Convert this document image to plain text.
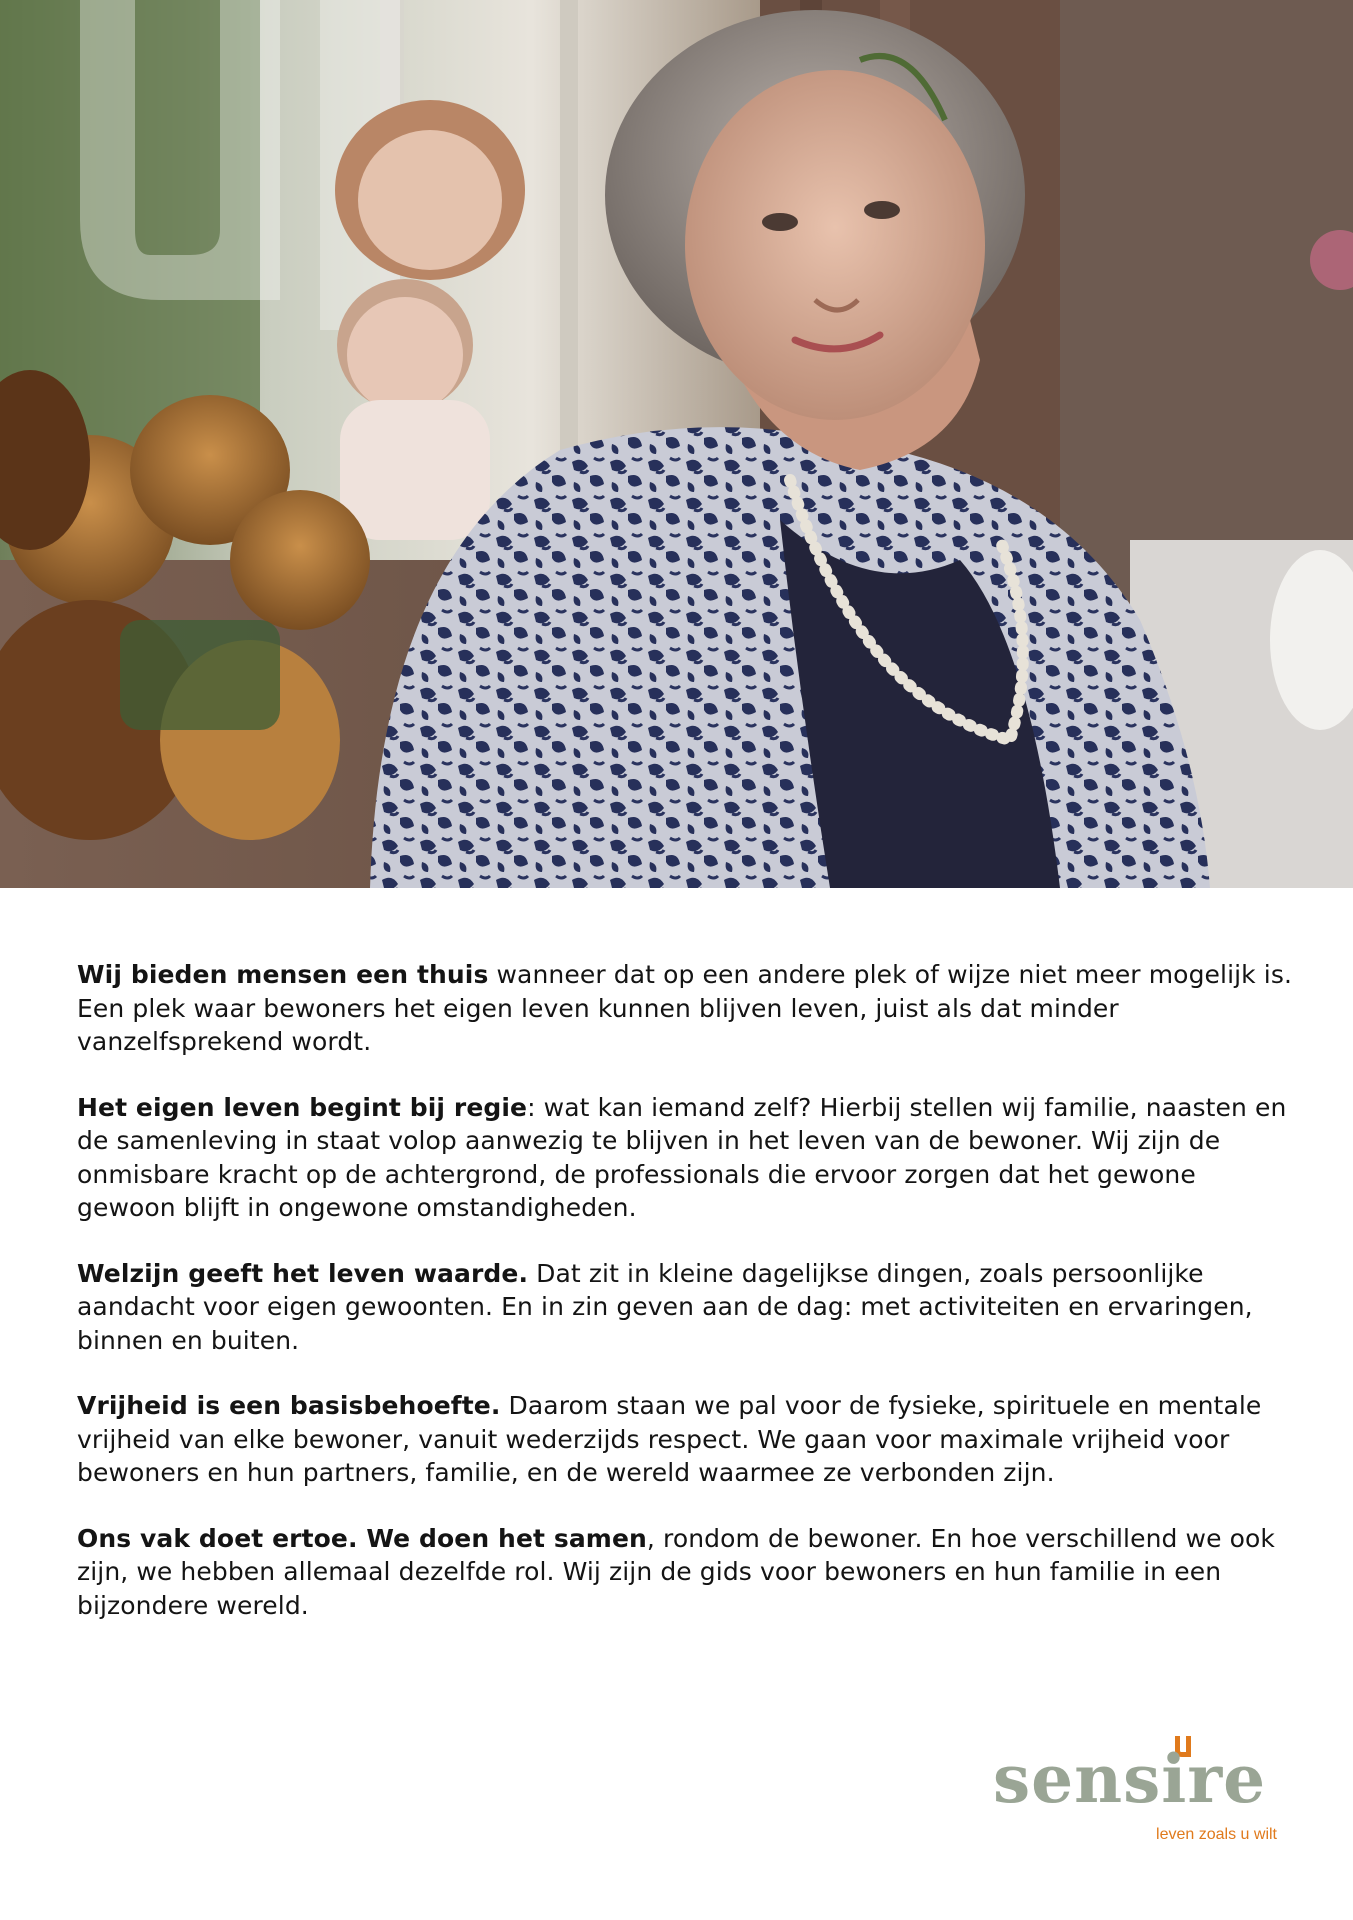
Wij bieden mensen een thuis wanneer dat op een andere plek of wijze niet meer mogelijk is. Een plek waar bewoners het eigen leven kunnen blijven leven, juist als dat minder vanzelfsprekend wordt.

Het eigen leven begint bij regie: wat kan iemand zelf? Hierbij stellen wij familie, naasten en de samenleving in staat volop aanwezig te blijven in het leven van de bewoner. Wij zijn de onmisbare kracht op de achtergrond, de professionals die ervoor zorgen dat het gewone gewoon blijft in ongewone omstandigheden.

Welzijn geeft het leven waarde. Dat zit in kleine dagelijkse dingen, zoals persoonlijke aandacht voor eigen gewoonten. En in zin geven aan de dag: met activiteiten en ervaringen, binnen en buiten.

Vrijheid is een basisbehoefte. Daarom staan we pal voor de fysieke, spirituele en mentale vrijheid van elke bewoner, vanuit wederzijds respect. We gaan voor maximale vrijheid voor bewoners en hun partners, familie, en de wereld waarmee ze verbonden zijn.

Ons vak doet ertoe. We doen het samen, rondom de bewoner. En hoe verschillend we ook zijn, we hebben allemaal dezelfde rol. Wij zijn de gids voor bewoners en hun familie in een bijzondere wereld.

sensire
leven zoals u wilt
